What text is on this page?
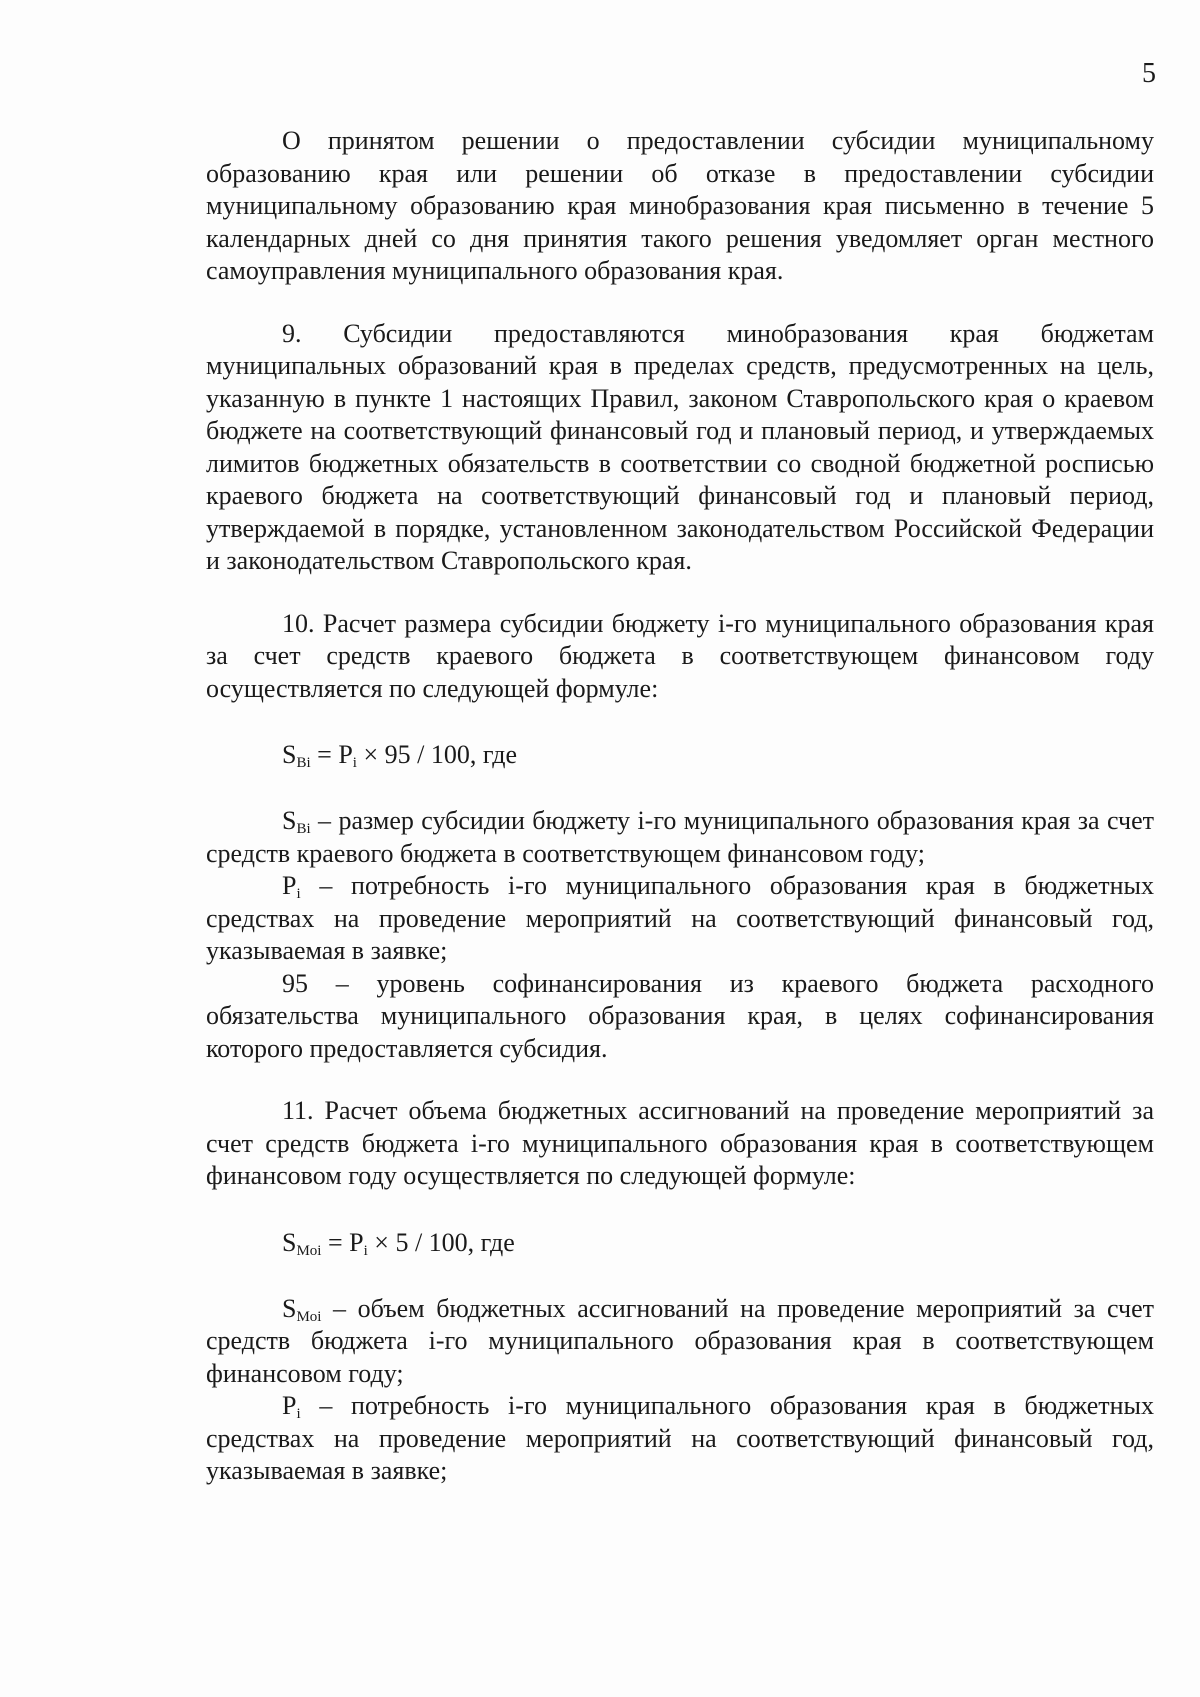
5

О принятом решении о предоставлении субсидии муниципальному образованию края или решении об отказе в предоставлении субсидии муниципальному образованию края минобразования края письменно в течение 5 календарных дней со дня принятия такого решения уведомляет орган местного самоуправления муниципального образования края.

9. Субсидии предоставляются минобразования края бюджетам муниципальных образований края в пределах средств, предусмотренных на цель, указанную в пункте 1 настоящих Правил, законом Ставропольского края о краевом бюджете на соответствующий финансовый год и плановый период, и утверждаемых лимитов бюджетных обязательств в соответствии со сводной бюджетной росписью краевого бюджета на соответствующий финансовый год и плановый период, утверждаемой в порядке, установленном законодательством Российской Федерации и законодательством Ставропольского края.

10. Расчет размера субсидии бюджету i-го муниципального образования края за счет средств краевого бюджета в соответствующем финансовом году осуществляется по следующей формуле:

$S_{Bi} = P_i \times 95 / 100$, где

$S_{Bi}$ – размер субсидии бюджету i-го муниципального образования края за счет средств краевого бюджета в соответствующем финансовом году;

$P_i$ – потребность i-го муниципального образования края в бюджетных средствах на проведение мероприятий на соответствующий финансовый год, указываемая в заявке;

95 – уровень софинансирования из краевого бюджета расходного обязательства муниципального образования края, в целях софинансирования которого предоставляется субсидия.

11. Расчет объема бюджетных ассигнований на проведение мероприятий за счет средств бюджета i-го муниципального образования края в соответствующем финансовом году осуществляется по следующей формуле:

$S_{Moi} = P_i \times 5 / 100$, где

$S_{Moi}$ – объем бюджетных ассигнований на проведение мероприятий за счет средств бюджета i-го муниципального образования края в соответствующем финансовом году;

$P_i$ – потребность i-го муниципального образования края в бюджетных средствах на проведение мероприятий на соответствующий финансовый год, указываемая в заявке;
